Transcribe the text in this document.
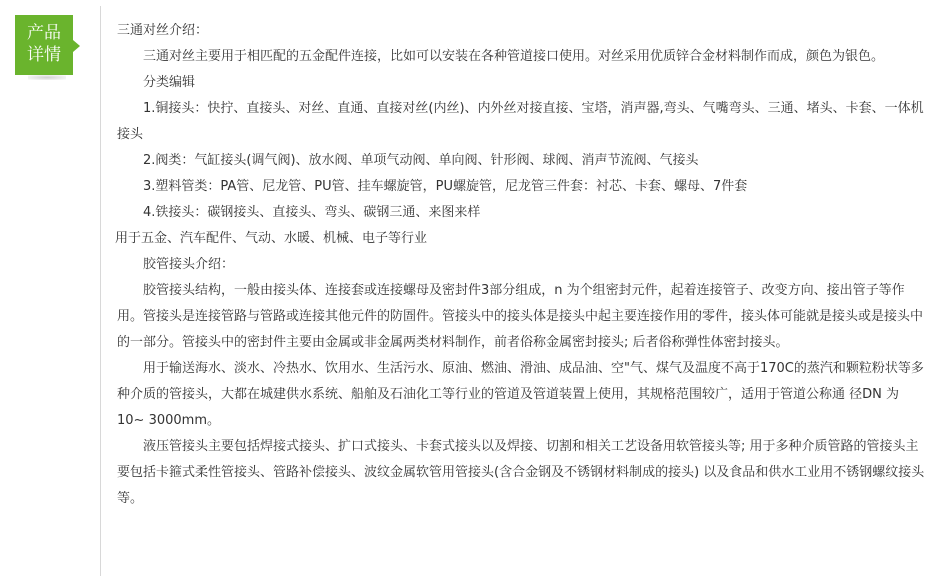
产品
详情

三通对丝介绍：

三通对丝主要用于相匹配的五金配件连接，比如可以安装在各种管道接口使用。对丝采用优质锌合金材料制作而成，颜色为银色。

分类编辑

1.铜接头：快拧、直接头、对丝、直通、直接对丝(内丝)、内外丝对接直接、宝塔，消声器,弯头、气嘴弯头、三通、堵头、卡套、一体机接头

2.阀类：气缸接头(调气阀)、放水阀、单项气动阀、单向阀、针形阀、球阀、消声节流阀、气接头

3.塑料管类：PA管、尼龙管、PU管、挂车螺旋管，PU螺旋管，尼龙管三件套：衬芯、卡套、螺母、7件套

4.铁接头：碳钢接头、直接头、弯头、碳钢三通、来图来样

用于五金、汽车配件、气动、水暖、机械、电子等行业

胶管接头介绍：

胶管接头结构，一般由接头体、连接套或连接螺母及密封件3部分组成，n 为个组密封元件，起着连接管子、改变方向、接出管子等作用。管接头是连接管路与管路或连接其他元件的防圄件。管接头中的接头体是接头中起主要连接作用的零件，接头体可能就是接头或是接头中的一部分。管接头中的密封件主要由金属或非金属两类材料制作，前者俗称金属密封接头; 后者俗称弹性体密封接头。

用于输送海水、淡水、冷热水、饮用水、生活污水、原油、燃油、滑油、成品油、空"气、煤气及温度不高于170C的蒸汽和颗粒粉状等多种介质的管接头，大都在城建供水系统、船舶及石油化工等行业的管道及管道装置上使用，其规格范围较广，适用于管道公称通 径DN 为10~ 3000mm。

液压管接头主要包括焊接式接头、扩口式接头、卡套式接头以及焊接、切割和相关工艺设备用软管接头等; 用于多种介质管路的管接头主要包括卡箍式柔性管接头、管路补偿接头、波纹金属软管用管接头(含合金钢及不锈钢材料制成的接头) 以及食品和供水工业用不锈钢螺纹接头等。
